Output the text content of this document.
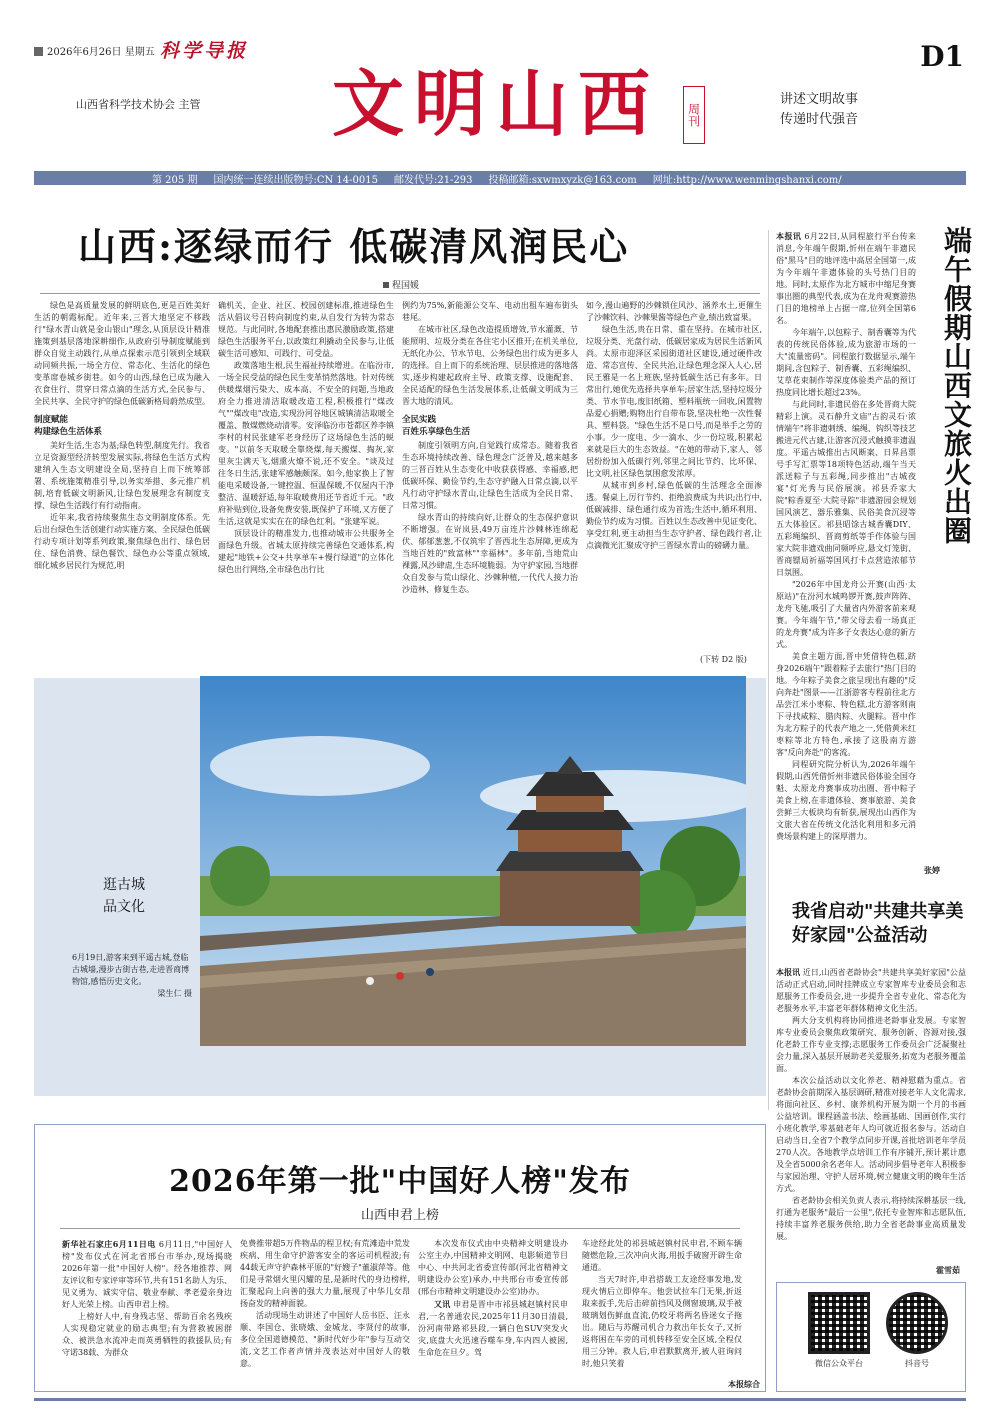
2026年6月26日 星期五 科学导报	D1
山西省科学技术协会 主管 文明山西 周刊
讲述文明故事
传递时代强音
第 205 期 国内统一连续出版物号:CN 14-0015 邮发代号:21-293 投稿邮箱:sxwmxyzk@163.com 网址:http://www.wenmingshanxi.com/
山西:逐绿而行 低碳清风润民心
程国媛

绿色是高质量发展的鲜明底色,更是百姓美好生活的朝霞标配。近年来,三晋大地坚定不移践行"绿水青山就是金山银山"理念,从顶层设计精准施策到基层落地深耕细作,从政府引导制度赋能到群众自觉主动践行,从单点探索示范引领到全域联动同频共振,一场全方位、常态化、生活化的绿色变革席卷城乡街巷。如今的山西,绿色已成为融入衣食住行、贯穿日常点滴的生活方式,全民参与、全民共享、全民守护的绿色低碳新格局蔚然成型。

制度赋能
构建绿色生活体系

美好生活,生态为基;绿色转型,制度先行。我省立足资源型经济转型发展实际,将绿色生活方式构建纳入生态文明建设全局,坚持自上而下统筹部署、系统施策精准引导,以务实举措、多元推广机制,培育低碳文明新风,让绿色发展理念有制度支撑、绿色生活践行有行动指南。

近年来,我省持续聚焦生态文明制度体系。先后出台绿色生活创建行动实施方案、全民绿色低碳行动专项计划等系列政策,聚焦绿色出行、绿色居住、绿色消费、绿色餐饮、绿色办公等重点领域,细化城乡居民行为规范,明

确机关、企业、社区、校园创建标准,推进绿色生活从倡议号召转向制度约束,从自发行为转为常态规范。与此同时,各地配套推出惠民激励政策,搭建绿色生活服务平台,以政策红利撬动全民参与,让低碳生活可感知、可践行、可受益。

政策落地生根,民生福祉持续增进。在临汾市,一场全民受益的绿色民生变革悄然落地。针对传统供暖煤烟污染大、成本高、不安全的问题,当地政府全力推进清洁取暖改造工程,积极推行"煤改气""煤改电"改造,实现汾河谷地区城镇清洁取暖全覆盖、散煤燃烧动清零。安泽临汾市苍都区养李镇李村的村民张建军老身经历了这场绿色生活的蜕变。"以前冬天取暖全靠烧煤,每天搬煤、掏灰,家里灰尘满天飞,烟熏火燎不说,还不安全。"谈及过往冬日生活,张建军感触颇深。如今,他家换上了智能电采暖设备,一键控温、恒温保暖,不仅屋内干净整洁、温暖舒适,每年取暖费用还节省近千元。"政府补贴到位,设备免费安装,既保护了环境,又方便了生活,这就是实实在在的绿色红利。"张建军说。

顶层设计的精准发力,也推动城市公共服务全面绿色升级。省城太原持续完善绿色交通体系,构建起"地铁+公交+共享单车+慢行绿道"的立体化绿色出行网络,全市绿色出行比

例约为75%,新能源公交车、电动出租车遍布街头巷尾。

在城市社区,绿色改造提质增效,节水灌溉、节能照明、垃圾分类在各住宅小区推开;在机关单位,无纸化办公、节水节电、公务绿色出行成为更多人的选择。自上而下的系统治理、层层推进的落地落实,逐步构建起政府主导、政策支撑、设施配套、全民适配的绿色生活发展体系,让低碳文明成为三晋大地的清风。

全民实践
百姓乐享绿色生活

制度引领明方向,自觉践行成常态。随着我省生态环境持续改善、绿色理念广泛普及,越来越多的三晋百姓从生态变化中收获获得感、幸福感,把低碳环保、勤俭节约,生态守护融入日常点滴,以平凡行动守护绿水青山,让绿色生活成为全民日常、日常习惯。

绿水青山的持续向好,让群众的生态保护意识不断增强。在岢岚县,49万亩连片沙棘林连绵起伏、郁郁葱葱,不仅筑牢了晋西北生态屏障,更成为当地百姓的"致富林""幸福林"。多年前,当地荒山裸露,风沙肆虐,生态环境脆弱。为守护家园,当地群众自发参与荒山绿化、沙棘种植,一代代人接力治沙造林、修复生态。

如今,漫山遍野的沙棘锁住风沙、涵养水土,更催生了沙棘饮料、沙棘果酱等绿色产业,绩出致富果。

绿色生活,贵在日常、重在坚持。在城市社区,垃圾分类、光盘行动、低碳居家成为居民生活新风尚。太原市迎泽区采园街道社区建设,通过硬件改造、常态宣传、全民共治,让绿色理念深入人心,居民王雅是一名上班族,坚持低碳生活已有多年。日常出行,她优先选择共享单车;居家生活,坚持垃圾分类、节水节电,废旧纸箱、塑料瓶统一回收,闲置物品爱心捐赠;购物出行自带布袋,坚决杜绝一次性餐具、塑料袋。"绿色生活不是口号,而是举手之劳的小事。少一度电、少一滴水、少一份垃圾,积累起来就是巨大的生态效益。"在她的带动下,家人、邻居纷纷加入低碳行列,邻里之间比节约、比环保、比文明,社区绿色氛围愈发浓厚。

从城市到乡村,绿色低碳的生活理念全面渗透。餐桌上,厉行节约、拒绝浪费成为共识;出行中,低碳减排、绿色通行成为首选;生活中,循环利用、勤俭节约成为习惯。百姓以生态改善中见证变化、享受红利,更主动担当生态守护者、绿色践行者,让点滴微光汇聚成守护三晋绿水青山的磅礴力量。

(下转 D2 版)
端午假期山西文旅火出圈

本报讯 6月22日,从同程旅行平台传来消息,今年端午假期,忻州在端午非遗民俗"黑马"目的地评选中高居全国第一,成为今年端午非遗体验的头号热门目的地。同时,太原作为北方城市中缩尼身赛事出圈的典型代表,成为在龙舟观赛游热门目的地榜单上占据一席,位列全国第6名。

今年端午,以包粽子、制香囊等为代表的传统民俗体验,成为旅游市场的一大"流量密码"。同程旅行数据显示,端午期间,含包粽子、制香囊、五彩绳编织、艾草花束制作等深度体验类产品的预订热度同比增长超过23%。

与此同时,非遗民俗在多处晋商大院精彩上演。灵石静升文庙"古韵灵石·浓情端午"将非遗刺绣、编绳、钩织等技艺搬进元代古建,让游客沉浸式触摸非遗温度。平遥古城推出古风断案、日昇昌票号手写汇票等18项特色活动,端午当天派送粽子与五彩绳,同步推出"古城夜宴"灯光秀与民俗展演。祁县乔家大院"粽香夏至·大院寻踪"非遗游园会规划国风演艺、器乐雅集、民俗美食沉浸等五大体验区。祁县昭馀古城香囊DIY、五彩绳编织、晋商剪纸等手作体验与国家大院非遗戏曲同频呼应,悬文灯笼街、晋商镖局祈福等国风打卡点营造浓郁节日氛围。

"2026年中国龙舟公开赛(山西·太原站)"在汾河水城鸣锣开赛,鼓声阵阵、龙舟飞驰,吸引了大量省内外游客前来观赛。今年端午节,"带父母去看一场真正的龙舟赛"成为许多子女表达心意的新方式。

美食主题方面,晋中凭借特色糕,跻身2026端午"跟着粽子去旅行"热门目的地。今年粽子美食之旅呈现出有趣的"反向奔赴"图景——江浙游客专程前往北方品尝江米小枣粽、特色糕,北方游客则南下寻找咸粽、腊肉粽、火腿粽。晋中作为北方粽子的代表产地之一,凭借黄米红枣粽等北方特色,承接了这股南方游客"反向奔赴"的客流。

同程研究院分析认为,2026年端午假期,山西凭借忻州非遗民俗体验全国夺魁、太原龙舟赛事成功出圈、晋中粽子美食上榜,在非遗体验、赛事旅游、美食尝鲜三大板块均有斩获,展现出山西作为文旅大省在传统文化活化利用和多元消费场景构建上的深厚潜力。

张婷
我省启动"共建共享美好家园"公益活动

本报讯 近日,山西省老龄协会"共建共享美好家园"公益活动正式启动,同时挂牌成立专家智库专业委员会和志愿服务工作委员会,进一步提升全省专业化、常态化为老服务水平,丰富老年群体精神文化生活。

两大分支机构将协同推进老龄事业发展。专家智库专业委员会聚焦政策研究、服务创新、咨源对接,强化老龄工作专业支撑;志愿服务工作委员会广泛凝聚社会力量,深入基层开展助老关爱服务,拓宽为老服务覆盖面。

本次公益活动以文化养老、精神慰藉为重点。省老龄协会前期深入基层调研,精准对接老年人文化需求,将面向社区、乡村、康养机构开展为期一个月的书画公益培训。课程涵盖书法、绘画基础、国画创作,实行小班化教学,零基础老年人均可就近报名参与。活动自启动当日,全省7个教学点同步开课,首批培训老年学员270人次。各地教学点培训工作有序铺开,预计累计惠及全省5000余名老年人。活动同步倡导老年人积极参与家园治理、守护人居环境,树立健康文明的晚年生活方式。

省老龄协会相关负责人表示,将持续深耕基层一线,打通为老服务"最后一公里",依托专业智库和志愿队伍,持续丰富养老服务供给,助力全省老龄事业高质量发展。

霍雪茹
逛古城
品文化
6月19日,游客来到平遥古城,登临古城墙,漫步古街古巷,走进晋商博物馆,感悟历史文化。
梁生仁 摄
2026年第一批"中国好人榜"发布
山西申君上榜

新华社石家庄6月11日电 6月11日,"中国好人榜"发布仪式在河北省邢台市举办,现场揭晓2026年第一批"中国好人榜"。经各地推荐、网友评议和专家评审等环节,共有151名助人为乐、见义勇为、诚实守信、敬业奉献、孝老爱亲身边好人光荣上榜。山西申君上榜。

上榜好人中,有身残志坚、帮助百余名残疾人实现稳定就业的励志典型;有为营救被困群众、被洪急水流冲走而英勇牺牲的救援队员;有守诺38载、为群众

免费推带超5万件物品的程卫权;有荒滩造中荒发疾病、用生命守护游客安全的客运司机程波;有44载无声守护森林平原的"好嫂子"董淑萍等。他们是寻常烟火里闪耀的星,是新时代的身边榜样,汇聚起向上向善的强大力量,展现了中华儿女昂扬奋发的精神面貌。

活动现场生动讲述了中国好人岳书臣、汪永顺、李国仓、张晓娥、金城龙、李贤付的故事,多位全国道德模范、"新时代好少年"参与互动交流,文艺工作者声情并茂表达对中国好人的敬意。

本次发布仪式由中央精神文明建设办公室主办,中国精神文明网、电影频道节目中心、中共河北省委宣传部(河北省精神文明建设办公室)承办,中共邢台市委宣传部(邢台市精神文明建设办公室)协办。

又讯 申君是晋中市祁县城赵镇村民申君,一名普通农民,2025年11月30日清晨,汾河南带路祁县段,一辆白色SUV突发火灾,底盘大火迅速吞噬车身,车内四人被困,生命危在旦夕。驾

车途经此处的祁县城赵镇村民申君,不顾车辆随燃危险,三次冲向火海,用扳手破窗开辟生命通道。

当天7时许,申君搭载工友途经事发地,发现火情后立即停车。他尝试拉车门无果,折返取来扳手,先后击碎前挡风及侧窗玻璃,双手被玻璃划伤鲜血直流,仍咬牙将两名昏迷女子拖出。随后与苏醒司机合力救出年长女子,又折返将困在车旁的司机转移至安全区域,全程仅用三分钟。救人后,申君默默离开,被人驻询问时,他只笑着

本报综合
微信公众平台	抖音号
